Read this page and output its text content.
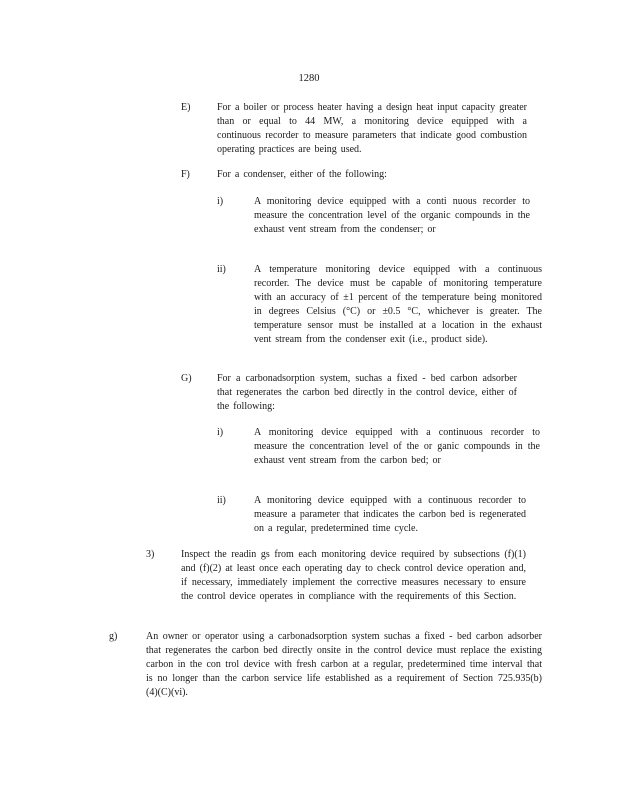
1280
E)	For a boiler or process heater having a design heat input capacity greater than or equal to 44 MW, a monitoring device equipped with a continuous recorder to measure parameters that indicate good combustion operating practices are being used.
F)	For a condenser, either of the following:
i)	A monitoring device equipped with a conti nuous recorder to measure the concentration level of the organic compounds in the exhaust vent stream from the condenser; or
ii)	A temperature monitoring device equipped with a continuous recorder. The device must be capable of monitoring temperature with an accuracy of ±1 percent of the temperature being monitored in degrees Celsius (°C) or ±0.5 °C, whichever is greater. The temperature sensor must be installed at a location in the exhaust vent stream from the condenser exit (i.e., product side).
G)	For a carbonadsorption system, suchas a fixed - bed carbon adsorber that regenerates the carbon bed directly in the control device, either of the following:
i)	A monitoring device equipped with a continuous recorder to measure the concentration level of the or ganic compounds in the exhaust vent stream from the carbon bed; or
ii)	A monitoring device equipped with a continuous recorder to measure a parameter that indicates the carbon bed is regenerated on a regular, predetermined time cycle.
3)	Inspect the readin gs from each monitoring device required by subsections (f)(1) and (f)(2) at least once each operating day to check control device operation and, if necessary, immediately implement the corrective measures necessary to ensure the control device operates in compliance with the requirements of this Section.
g)	An owner or operator using a carbonadsorption system suchas a fixed - bed carbon adsorber that regenerates the carbon bed directly onsite in the control device must replace the existing carbon in the con trol device with fresh carbon at a regular, predetermined time interval that is no longer than the carbon service life established as a requirement of Section 725.935(b)(4)(C)(vi).
